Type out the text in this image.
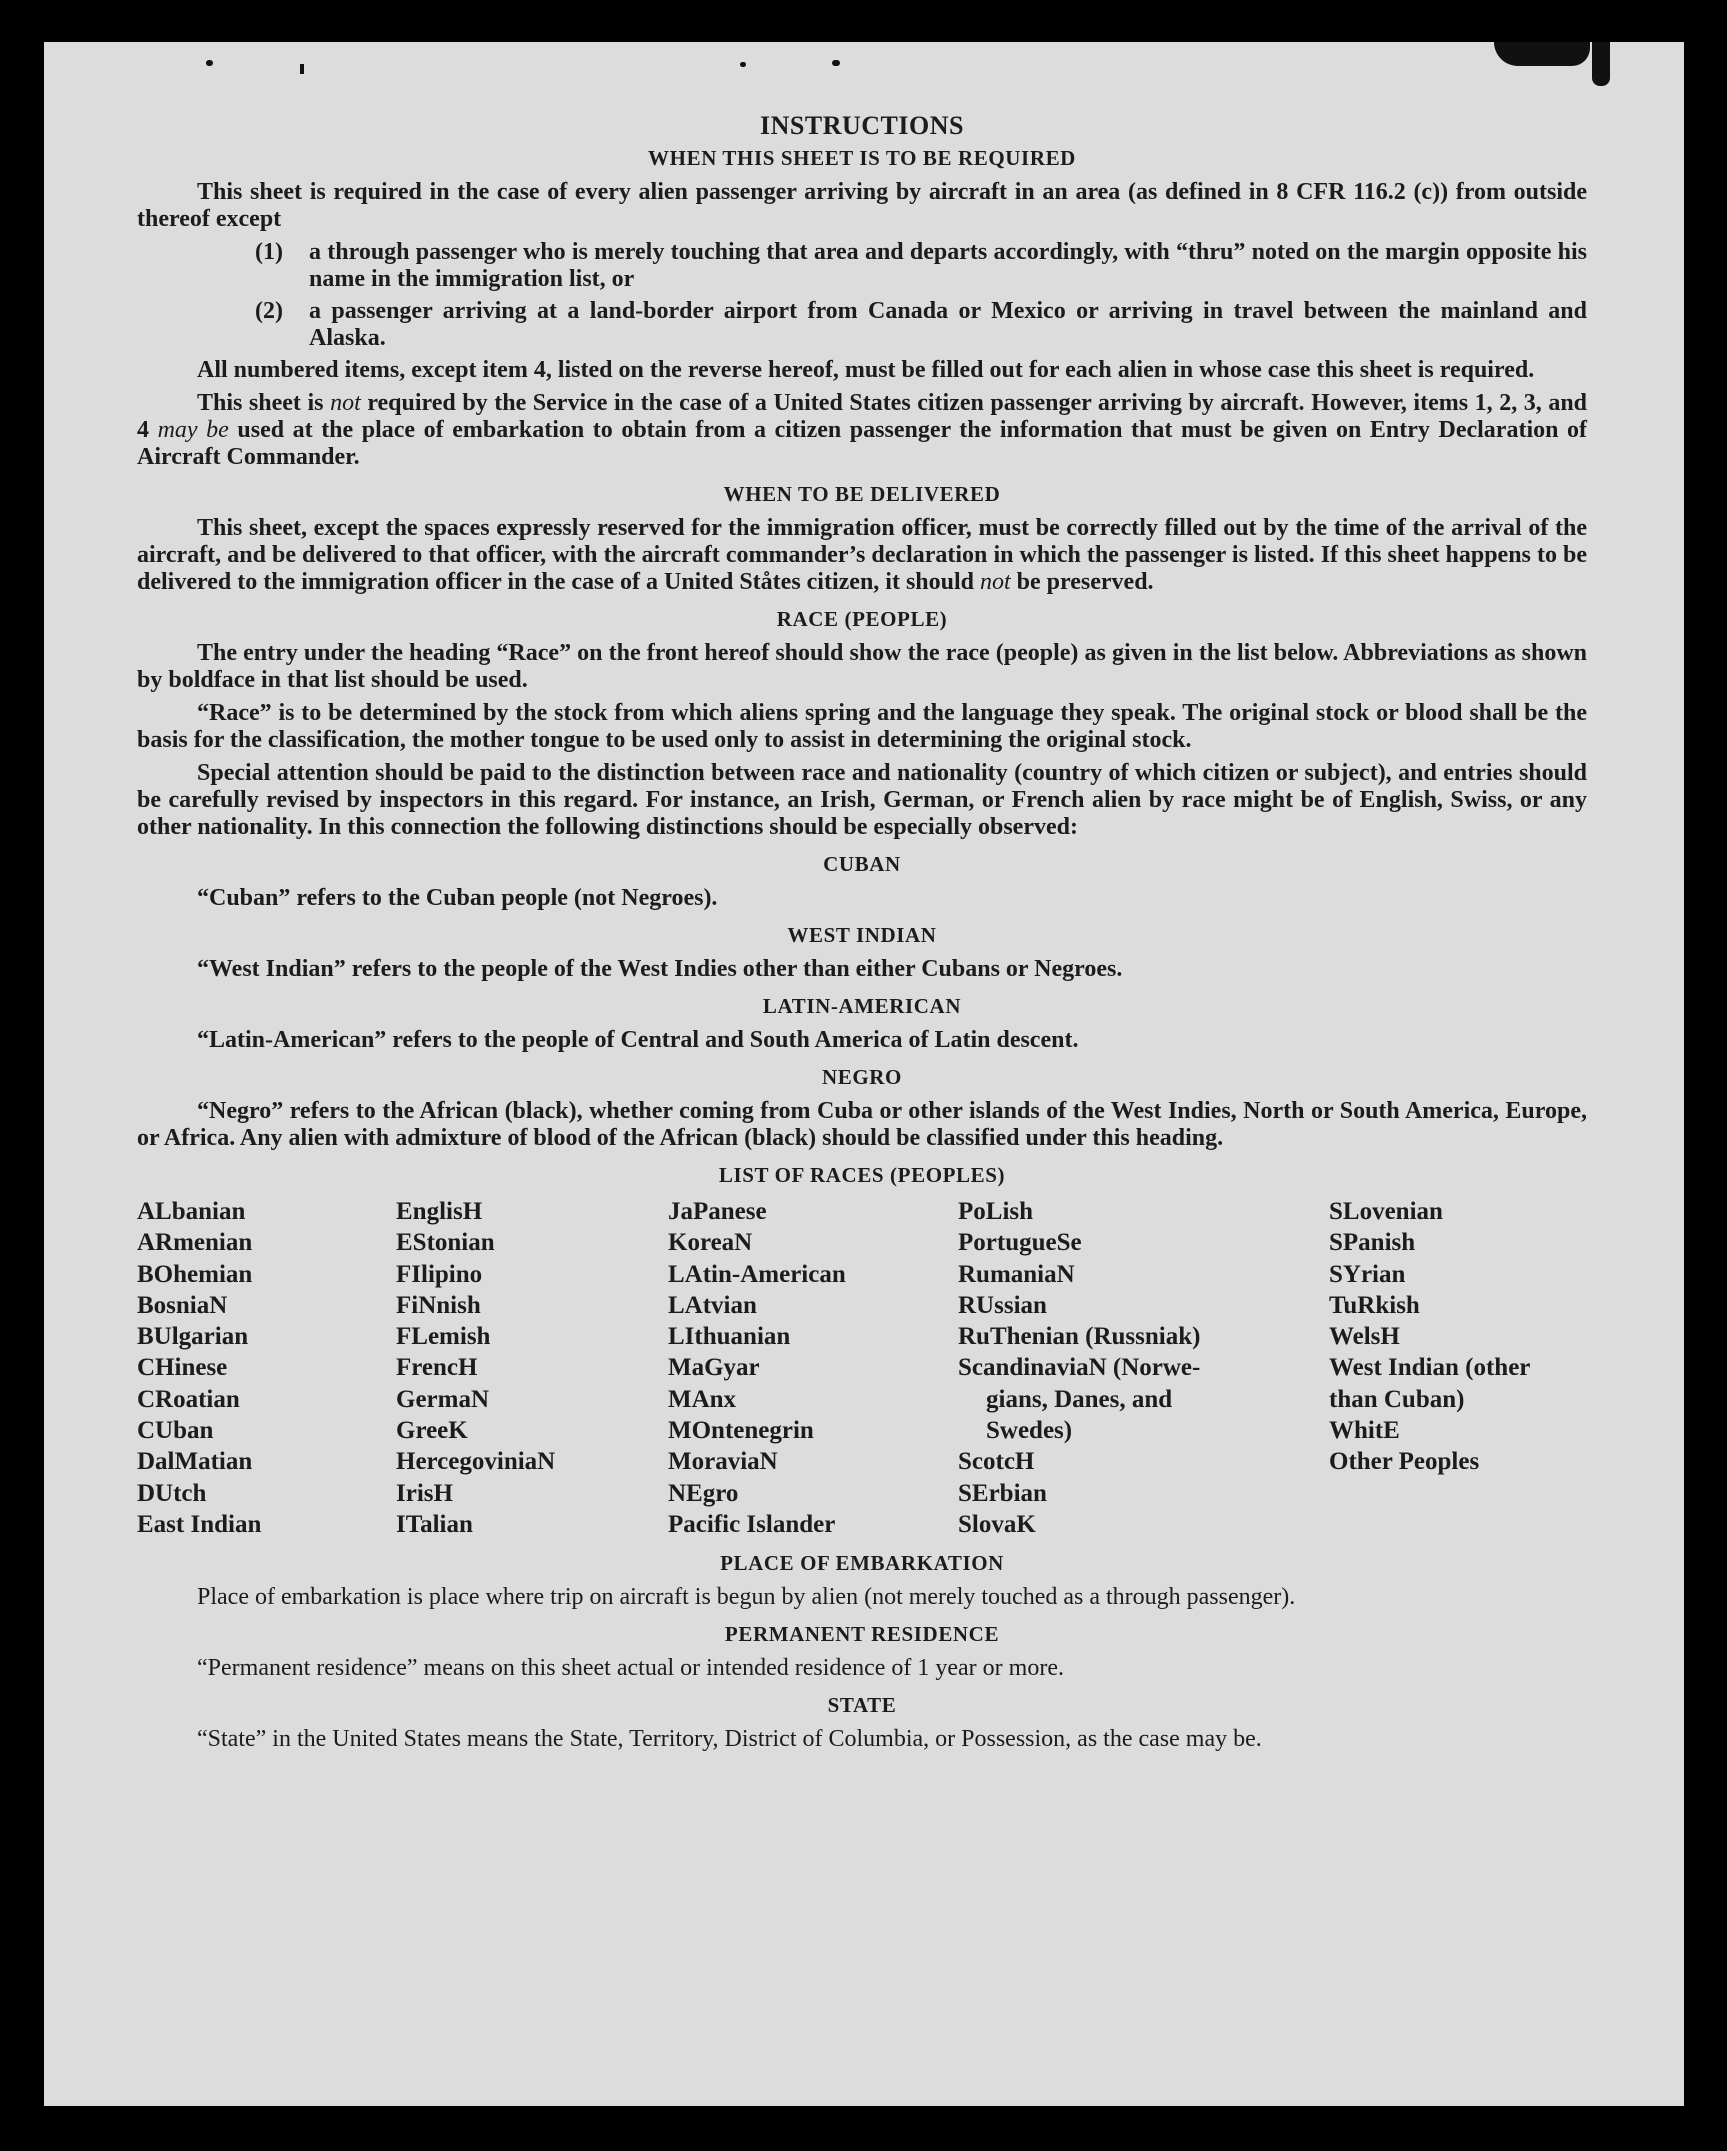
INSTRUCTIONS
WHEN THIS SHEET IS TO BE REQUIRED

This sheet is required in the case of every alien passenger arriving by aircraft in an area (as defined in 8 CFR 116.2 (c)) from outside thereof except

(1)	a through passenger who is merely touching that area and departs accordingly, with “thru” noted on the margin opposite his name in the immigration list, or
(2)	a passenger arriving at a land-border airport from Canada or Mexico or arriving in travel between the mainland and Alaska.

All numbered items, except item 4, listed on the reverse hereof, must be filled out for each alien in whose case this sheet is required.

This sheet is not required by the Service in the case of a United States citizen passenger arriving by aircraft. However, items 1, 2, 3, and 4 may be used at the place of embarkation to obtain from a citizen passenger the information that must be given on Entry Declaration of Aircraft Commander.

WHEN TO BE DELIVERED

This sheet, except the spaces expressly reserved for the immigration officer, must be correctly filled out by the time of the arrival of the aircraft, and be delivered to that officer, with the aircraft commander’s declaration in which the passenger is listed. If this sheet happens to be delivered to the immigration officer in the case of a United Ståtes citizen, it should not be preserved.

RACE (PEOPLE)

The entry under the heading “Race” on the front hereof should show the race (people) as given in the list below. Abbreviations as shown by boldface in that list should be used.

“Race” is to be determined by the stock from which aliens spring and the language they speak. The original stock or blood shall be the basis for the classification, the mother tongue to be used only to assist in determining the original stock.

Special attention should be paid to the distinction between race and nationality (country of which citizen or subject), and entries should be carefully revised by inspectors in this regard. For instance, an Irish, German, or French alien by race might be of English, Swiss, or any other nationality. In this connection the following distinctions should be especially observed:

CUBAN

“Cuban” refers to the Cuban people (not Negroes).

WEST INDIAN

“West Indian” refers to the people of the West Indies other than either Cubans or Negroes.

LATIN-AMERICAN

“Latin-American” refers to the people of Central and South America of Latin descent.

NEGRO

“Negro” refers to the African (black), whether coming from Cuba or other islands of the West Indies, North or South America, Europe, or Africa. Any alien with admixture of blood of the African (black) should be classified under this heading.

LIST OF RACES (PEOPLES)
ALbanian
ARmenian
BOhemian
BosniaN
BUlgarian
CHinese
CRoatian
CUban
DalMatian
DUtch
East Indian
EnglisH
EStonian
FIlipino
FiNnish
FLemish
FrencH
GermaN
GreeK
HercegoviniaN
IrisH
ITalian
JaPanese
KoreaN
LAtin-American
LAtvian
LIthuanian
MaGyar
MAnx
MOntenegrin
MoraviaN
NEgro
Pacific Islander
PoLish
PortugueSe
RumaniaN
RUssian
RuThenian (Russniak)
ScandinaviaN (Norwe-
gians, Danes, and
Swedes)
ScotcH
SErbian
SlovaK
SLovenian
SPanish
SYrian
TuRkish
WelsH
West Indian (other
than Cuban)
WhitE
Other Peoples
PLACE OF EMBARKATION

Place of embarkation is place where trip on aircraft is begun by alien (not merely touched as a through passenger).

PERMANENT RESIDENCE

“Permanent residence” means on this sheet actual or intended residence of 1 year or more.

STATE

“State” in the United States means the State, Territory, District of Columbia, or Possession, as the case may be.
